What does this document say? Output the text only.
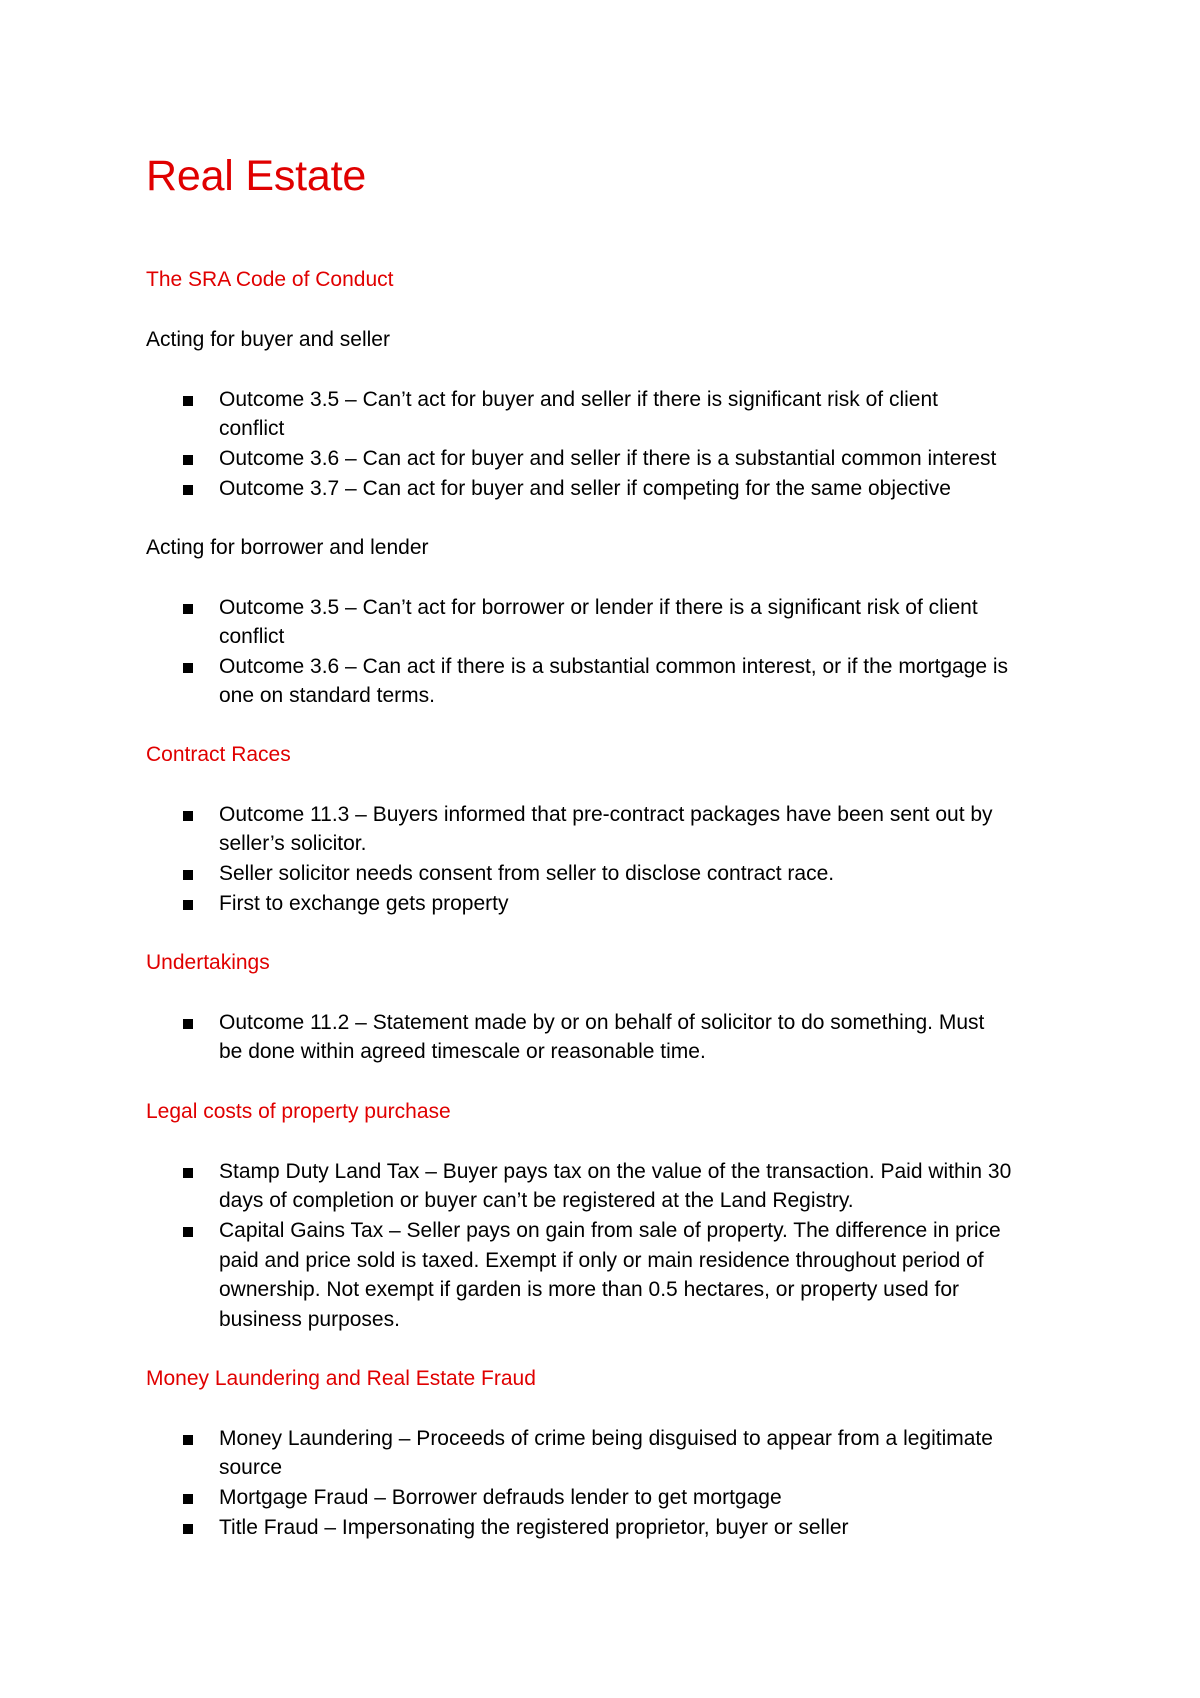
Real Estate
The SRA Code of Conduct
Acting for buyer and seller
Outcome 3.5 – Can’t act for buyer and seller if there is significant risk of client
conflict
Outcome 3.6 – Can act for buyer and seller if there is a substantial common interest
Outcome 3.7 – Can act for buyer and seller if competing for the same objective
Acting for borrower and lender
Outcome 3.5 – Can’t act for borrower or lender if there is a significant risk of client
conflict
Outcome 3.6 – Can act if there is a substantial common interest, or if the mortgage is
one on standard terms.
Contract Races
Outcome 11.3 – Buyers informed that pre-contract packages have been sent out by
seller’s solicitor.
Seller solicitor needs consent from seller to disclose contract race.
First to exchange gets property
Undertakings
Outcome 11.2 – Statement made by or on behalf of solicitor to do something. Must
be done within agreed timescale or reasonable time.
Legal costs of property purchase
Stamp Duty Land Tax – Buyer pays tax on the value of the transaction. Paid within 30
days of completion or buyer can’t be registered at the Land Registry.
Capital Gains Tax – Seller pays on gain from sale of property. The difference in price
paid and price sold is taxed. Exempt if only or main residence throughout period of
ownership. Not exempt if garden is more than 0.5 hectares, or property used for
business purposes.
Money Laundering and Real Estate Fraud
Money Laundering – Proceeds of crime being disguised to appear from a legitimate
source
Mortgage Fraud – Borrower defrauds lender to get mortgage
Title Fraud – Impersonating the registered proprietor, buyer or seller
